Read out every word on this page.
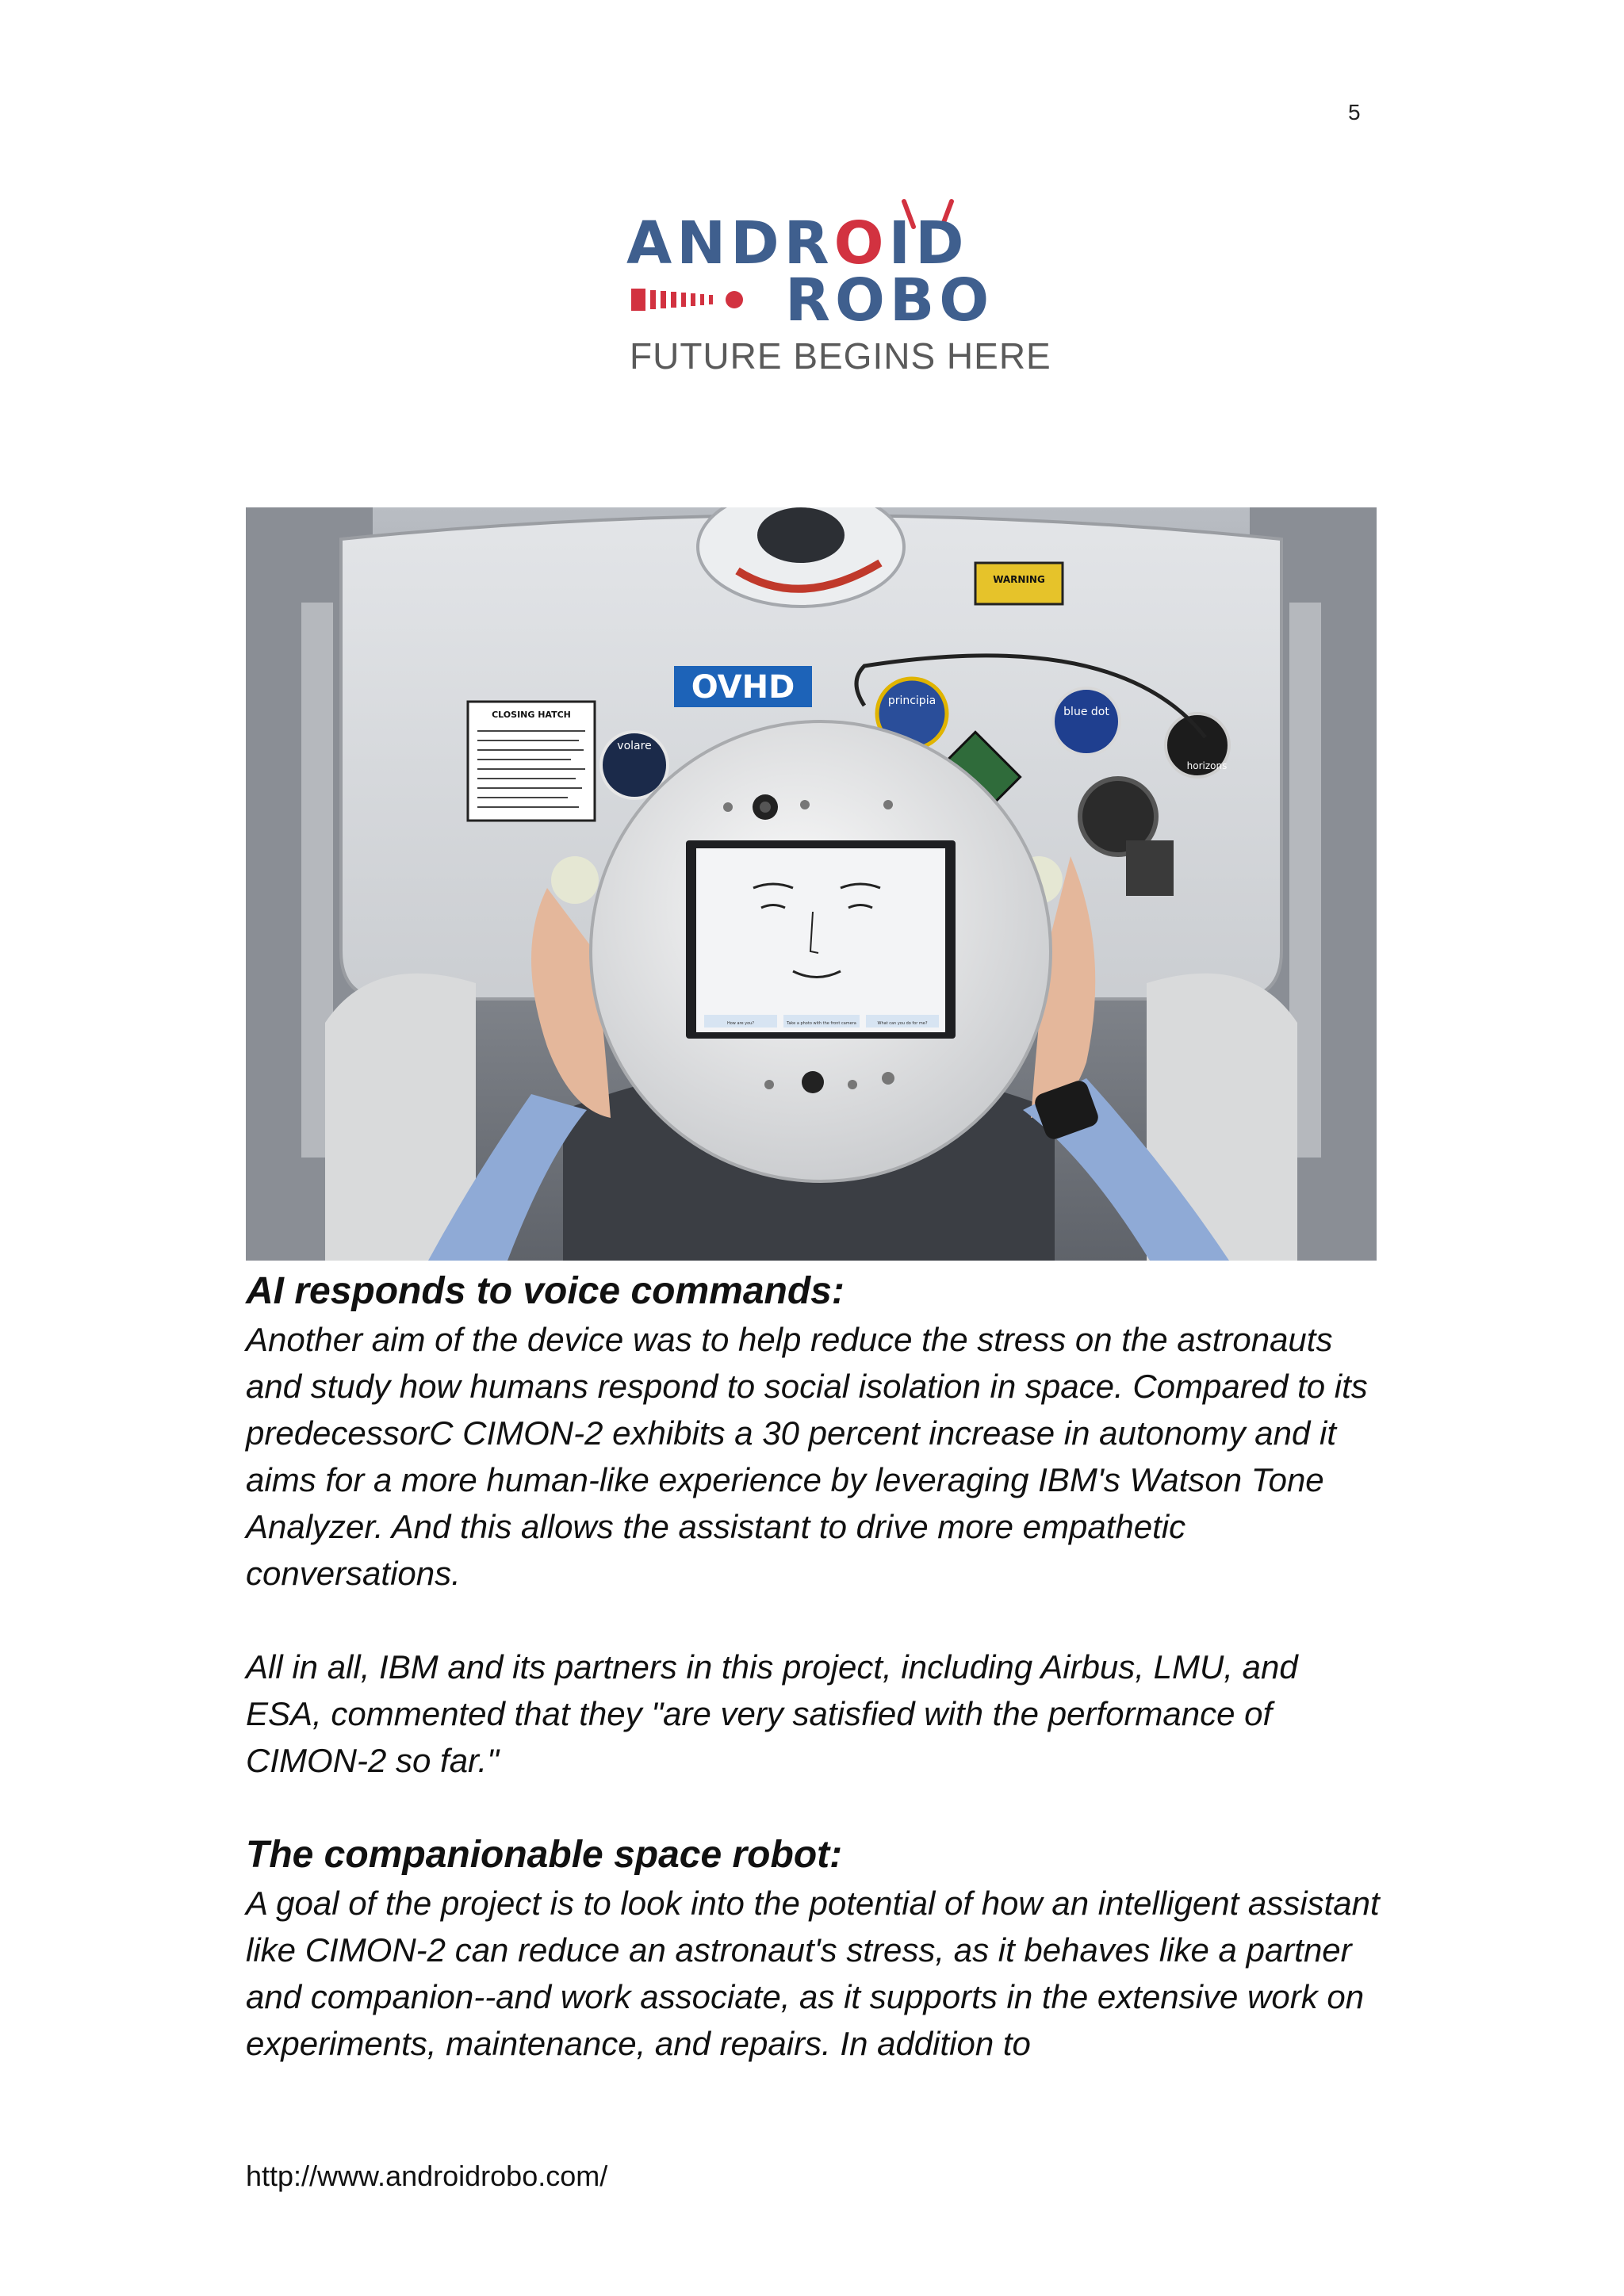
5
ANDROID
ROBO
FUTURE BEGINS HERE
WARNING
OVHD
CLOSING HATCH
volare
principia
blue dot
horizons
How are you?	Take a photo with the front camera	What can you do for me?
AI responds to voice commands:

Another aim of the device was to help reduce the stress on the astronauts and study how humans respond to social isolation in space. Compared to its predecessorC CIMON-2 exhibits a 30 percent increase in autonomy and it aims for a more human-like experience by leveraging IBM's Watson Tone Analyzer. And this allows the assistant to drive more empathetic conversations.

All in all, IBM and its partners in this project, including Airbus, LMU, and ESA, commented that they "are very satisfied with the performance of CIMON-2 so far."

The companionable space robot:

A goal of the project is to look into the potential of how an intelligent assistant like CIMON-2 can reduce an astronaut's stress, as it behaves like a partner and companion--and work associate, as it supports in the extensive work on experiments, maintenance, and repairs. In addition to

http://www.androidrobo.com/
